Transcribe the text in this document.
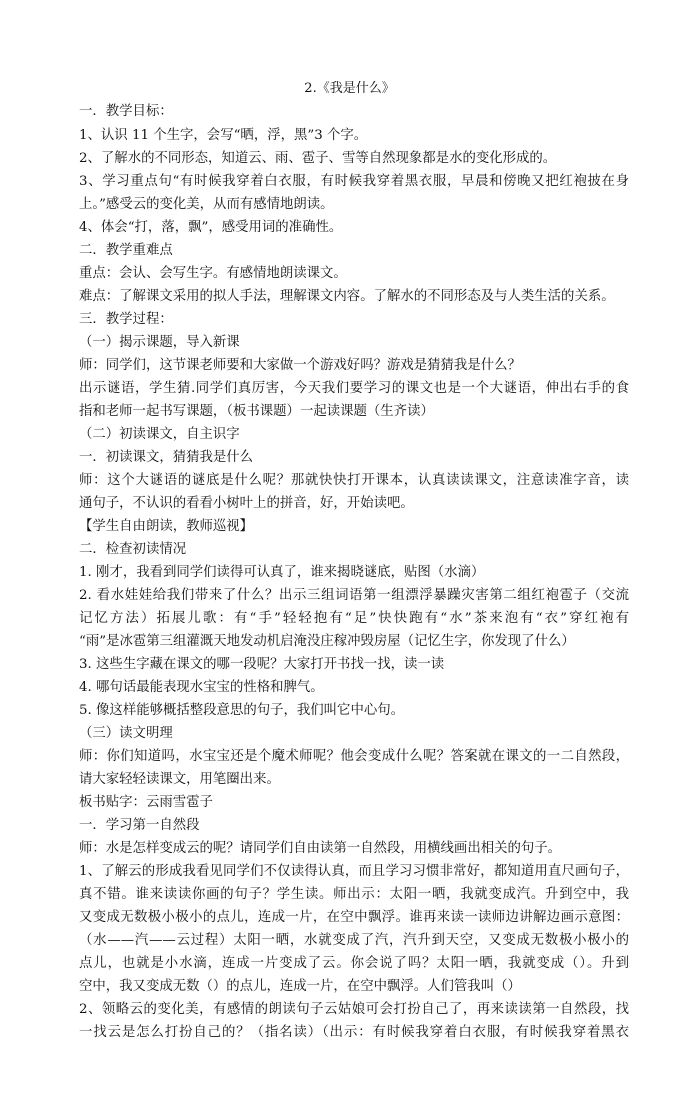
2.《我是什么》
一．教学目标：
1、认识 11 个生字，会写“晒，浮，黑”3 个字。
2、了解水的不同形态，知道云、雨、雹子、雪等自然现象都是水的变化形成的。
3、学习重点句“有时候我穿着白衣服，有时候我穿着黑衣服，早晨和傍晚又把红袍披在身
上。”感受云的变化美，从而有感情地朗读。
4、体会“打，落，飘”，感受用词的准确性。
二．教学重难点
重点：会认、会写生字。有感情地朗读课文。
难点：了解课文采用的拟人手法，理解课文内容。了解水的不同形态及与人类生活的关系。
三．教学过程：
（一）揭示课题，导入新课
师：同学们，这节课老师要和大家做一个游戏好吗？游戏是猜猜我是什么？
出示谜语，学生猜.同学们真厉害，今天我们要学习的课文也是一个大谜语，伸出右手的食
指和老师一起书写课题，（板书课题）一起读课题（生齐读）
（二）初读课文，自主识字
一．初读课文，猜猜我是什么
师：这个大谜语的谜底是什么呢？那就快快打开课本，认真读读课文，注意读准字音，读
通句子，不认识的看看小树叶上的拼音，好，开始读吧。
【学生自由朗读，教师巡视】
二．检查初读情况
1. 刚才，我看到同学们读得可认真了，谁来揭晓谜底，贴图（水滴）
2. 看水娃娃给我们带来了什么？出示三组词语第一组漂浮暴躁灾害第二组红袍雹子（交流
记忆方法）拓展儿歌：有“手”轻轻抱有“足”快快跑有“水”茶来泡有“衣”穿红袍有
“雨”是冰雹第三组灌溉天地发动机启淹没庄稼冲毁房屋（记忆生字，你发现了什么）
3. 这些生字藏在课文的哪一段呢？大家打开书找一找，读一读
4. 哪句话最能表现水宝宝的性格和脾气。
5. 像这样能够概括整段意思的句子，我们叫它中心句。
（三）读文明理
师：你们知道吗，水宝宝还是个魔术师呢？他会变成什么呢？答案就在课文的一二自然段，
请大家轻轻读课文，用笔圈出来。
板书贴字：云雨雪雹子
一．学习第一自然段
师：水是怎样变成云的呢？请同学们自由读第一自然段，用横线画出相关的句子。
1、了解云的形成我看见同学们不仅读得认真，而且学习习惯非常好，都知道用直尺画句子，
真不错。谁来读读你画的句子？学生读。师出示：太阳一晒，我就变成汽。升到空中，我
又变成无数极小极小的点儿，连成一片，在空中飘浮。谁再来读一读师边讲解边画示意图：
（水——汽——云过程）太阳一晒，水就变成了汽，汽升到天空，又变成无数极小极小的
点儿，也就是小水滴，连成一片变成了云。你会说了吗？太阳一晒，我就变成（）。升到
空中，我又变成无数（）的点儿，连成一片，在空中飘浮。人们管我叫（）
2、领略云的变化美，有感情的朗读句子云姑娘可会打扮自己了，再来读读第一自然段，找
一找云是怎么打扮自己的？（指名读）（出示：有时候我穿着白衣服，有时候我穿着黑衣
